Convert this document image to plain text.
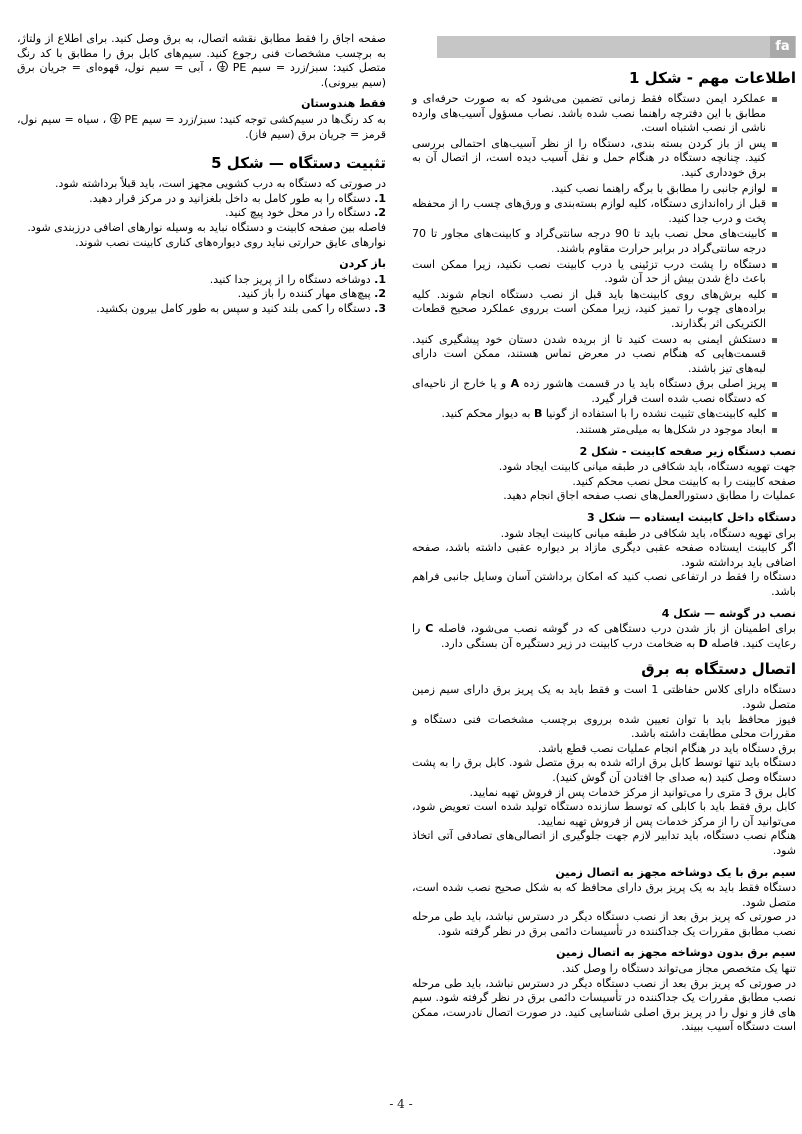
صفحه اجاق را فقط مطابق نقشه اتصال، به برق وصل کنید. برای اطلاع از ولتاژ، به برچسب مشخصات فنی رجوع کنید. سیم‌های کابل برق را مطابق با کد رنگ متصل کنید: سبز/زرد = سیم PE  ، آبی = سیم نول، قهوه‌ای = جریان برق (سیم بیرونی).

فقط هندوستان

به کد رنگ‌ها در سیم‌کشی توجه کنید: سبز/زرد = سیم PE  ، سیاه = سیم نول، قرمز = جریان برق (سیم فاز).

تثبیت دستگاه — شکل 5

در صورتی که دستگاه به درب کشویی مجهز است، باید قبلاً برداشته شود.

1. دستگاه را به طور کامل به داخل بلغزانید و در مرکز قرار دهید.

2. دستگاه را در محل خود پیچ کنید.

فاصله بین صفحه کابینت و دستگاه نباید به وسیله نوارهای اضافی درزبندی شود.

نوارهای عایق حرارتی نباید روی دیواره‌های کناری کابینت نصب شوند.

باز کردن

1. دوشاخه دستگاه را از پریز جدا کنید.

2. پیچ‌های مهار کننده را باز کنید.

3. دستگاه را کمی بلند کنید و سپس به طور کامل بیرون بکشید.

fa
اطلاعات مهم - شکل 1
عملکرد ایمن دستگاه فقط زمانی تضمین می‌شود که به صورت حرفه‌ای و مطابق با این دفترچه راهنما نصب شده باشد. نصاب مسؤول آسیب‌های وارده ناشی از نصب اشتباه است.
پس از باز کردن بسته بندی، دستگاه را از نظر آسیب‌های احتمالی بررسی کنید. چنانچه دستگاه در هنگام حمل و نقل آسیب دیده است، از اتصال آن به برق خودداری کنید.
لوازم جانبی را مطابق با برگه راهنما نصب کنید.
قبل از راه‌اندازی دستگاه، کلیه لوازم بسته‌بندی و ورق‌های چسب را از محفظه پخت و درب جدا کنید.
کابینت‌های محل نصب باید تا 90 درجه سانتی‌گراد و کابینت‌های مجاور تا 70 درجه سانتی‌گراد در برابر حرارت مقاوم باشند.
دستگاه را پشت درب تزئینی یا درب کابینت نصب نکنید، زیرا ممکن است باعث داغ شدن بیش از حد آن شود.
کلیه برش‌های روی کابینت‌ها باید قبل از نصب دستگاه انجام شوند. کلیه براده‌های چوب را تمیز کنید، زیرا ممکن است برروی عملکرد صحیح قطعات الکتریکی اثر بگذارند.
دستکش ایمنی به دست کنید تا از بریده شدن دستان خود پیشگیری کنید. قسمت‌هایی که هنگام نصب در معرض تماس هستند، ممکن است دارای لبه‌های تیز باشند.
پریز اصلی برق دستگاه باید یا در قسمت هاشور زده A و یا خارج از ناحیه‌ای که دستگاه نصب شده است قرار گیرد.
کلیه کابینت‌های تثبیت نشده را با استفاده از گونیا B به دیوار محکم کنید.
ابعاد موجود در شکل‌ها به میلی‌متر هستند.
نصب دستگاه زیر صفحه کابینت - شکل 2

جهت تهویه دستگاه، باید شکافی در طبقه میانی کابینت ایجاد شود.

صفحه کابینت را به کابینت محل نصب محکم کنید.

عملیات را مطابق دستورالعمل‌های نصب صفحه اجاق انجام دهید.

دستگاه داخل کابینت ایستاده — شکل 3

برای تهویه دستگاه، باید شکافی در طبقه میانی کابینت ایجاد شود.

اگر کابینت ایستاده صفحه عقبی دیگری مازاد بر دیواره عقبی داشته باشد، صفحه اضافی باید برداشته شود.

دستگاه را فقط در ارتفاعی نصب کنید که امکان برداشتن آسان وسایل جانبی فراهم باشد.

نصب در گوشه — شکل 4

برای اطمینان از باز شدن درب دستگاهی که در گوشه نصب می‌شود، فاصله C را رعایت کنید. فاصله D به ضخامت درب کابینت در زیر دستگیره آن بستگی دارد.

اتصال دستگاه به برق

دستگاه دارای کلاس حفاظتی 1 است و فقط باید به یک پریز برق دارای سیم زمین متصل شود.

فیوز محافظ باید با توان تعیین شده برروی برچسب مشخصات فنی دستگاه و مقررات محلی مطابقت داشته باشد.

برق دستگاه باید در هنگام انجام عملیات نصب قطع باشد.

دستگاه باید تنها توسط کابل برق ارائه شده به برق متصل شود. کابل برق را به پشت دستگاه وصل کنید (به صدای جا افتادن آن گوش کنید).

کابل برق 3 متری را می‌توانید از مرکز خدمات پس از فروش تهیه نمایید.

کابل برق فقط باید با کابلی که توسط سازنده دستگاه تولید شده است تعویض شود، می‌توانید آن را از مرکز خدمات پس از فروش تهیه نمایید.

هنگام نصب دستگاه، باید تدابیر لازم جهت جلوگیری از اتصالی‌های تصادفی آتی اتخاذ شود.

سیم برق با یک دوشاخه مجهز به اتصال زمین

دستگاه فقط باید به یک پریز برق دارای محافظ که به شکل صحیح نصب شده است، متصل شود.

در صورتی که پریز برق بعد از نصب دستگاه دیگر در دسترس نباشد، باید طی مرحله نصب مطابق مقررات یک جداکننده در تأسیسات دائمی برق در نظر گرفته شود.

سیم برق بدون دوشاخه مجهز به اتصال زمین

تنها یک متخصص مجاز می‌تواند دستگاه را وصل کند.

در صورتی که پریز برق بعد از نصب دستگاه دیگر در دسترس نباشد، باید طی مرحله نصب مطابق مقررات یک جداکننده در تأسیسات دائمی برق در نظر گرفته شود. سیم های فاز و نول را در پریز برق اصلی شناسایی کنید. در صورت اتصال نادرست، ممکن است دستگاه آسیب ببیند.

- 4 -
